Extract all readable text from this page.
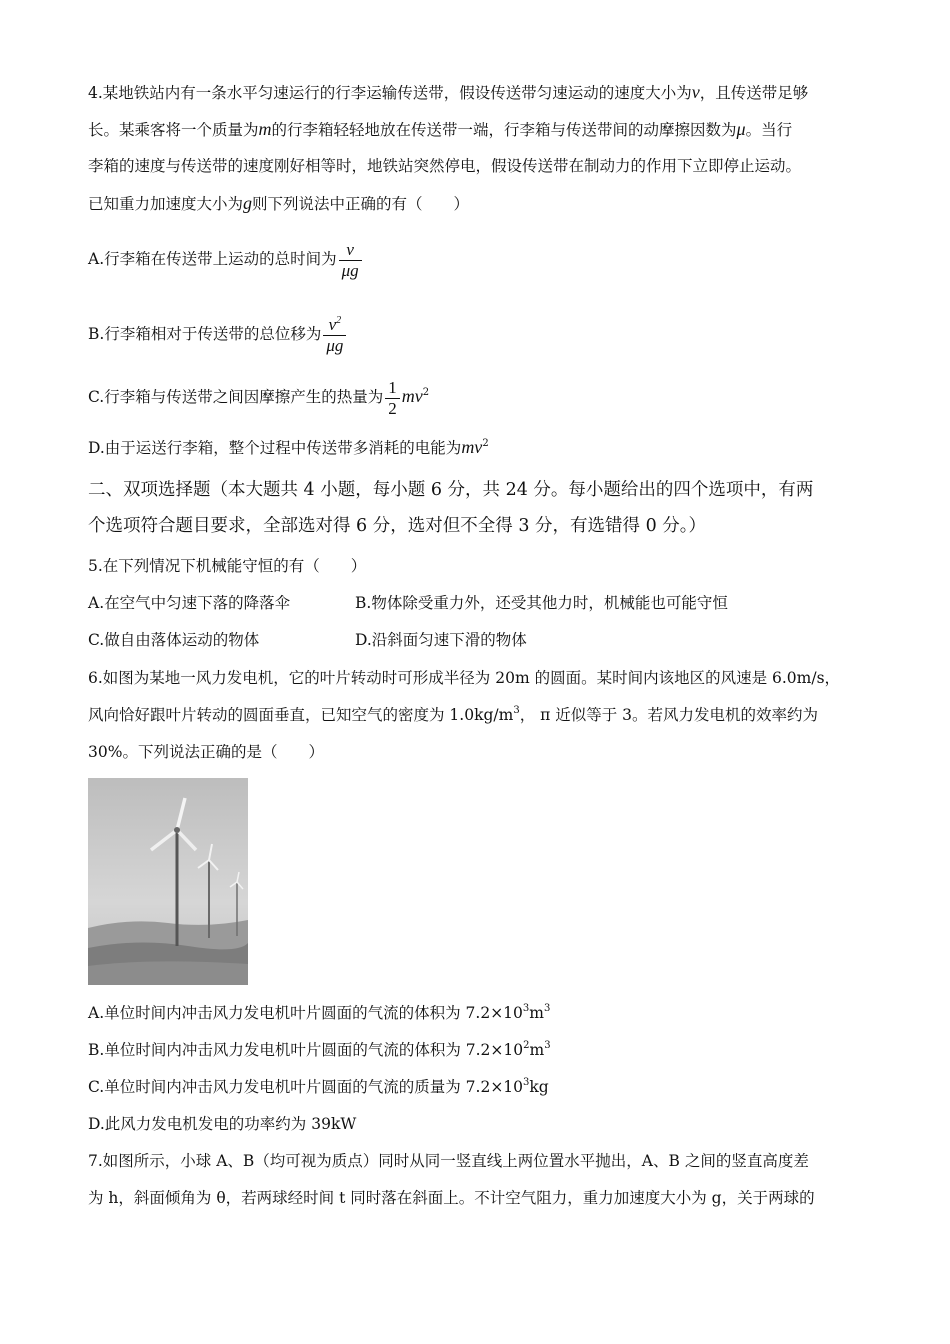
4.某地铁站内有一条水平匀速运行的行李运输传送带，假设传送带匀速运动的速度大小为v，且传送带足够
长。某乘客将一个质量为m的行李箱轻轻地放在传送带一端，行李箱与传送带间的动摩擦因数为μ。当行
李箱的速度与传送带的速度刚好相等时，地铁站突然停电，假设传送带在制动力的作用下立即停止运动。
已知重力加速度大小为g则下列说法中正确的有（　　）
A.行李箱在传送带上运动的总时间为 $\frac{v}{\mu g}$
B.行李箱相对于传送带的总位移为 $\frac{v^2}{\mu g}$
C.行李箱与传送带之间因摩擦产生的热量为 $\frac{1}{2} mv^2$
D.由于运送行李箱，整个过程中传送带多消耗的电能为$mv^2$
二、双项选择题（本大题共 4 小题，每小题 6 分，共 24 分。每小题给出的四个选项中，有两
个选项符合题目要求，全部选对得 6 分，选对但不全得 3 分，有选错得 0 分。）
5.在下列情况下机械能守恒的有（　　）
A.在空气中匀速下落的降落伞	B.物体除受重力外，还受其他力时，机械能也可能守恒
C.做自由落体运动的物体	D.沿斜面匀速下滑的物体
6.如图为某地一风力发电机，它的叶片转动时可形成半径为 20m 的圆面。某时间内该地区的风速是 6.0m/s，
风向恰好跟叶片转动的圆面垂直，已知空气的密度为 $1.0kg/m^3$， π 近似等于 3。若风力发电机的效率约为
30%。下列说法正确的是（　　）
A.单位时间内冲击风力发电机叶片圆面的气流的体积为 $7.2\times 10^3m^3$
B.单位时间内冲击风力发电机叶片圆面的气流的体积为 $7.2\times 10^2m^3$
C.单位时间内冲击风力发电机叶片圆面的气流的质量为 $7.2\times 10^3kg$
D.此风力发电机发电的功率约为 39kW
7.如图所示，小球 A、B（均可视为质点）同时从同一竖直线上两位置水平抛出，A、B 之间的竖直高度差
为 h，斜面倾角为 θ，若两球经时间 t 同时落在斜面上。不计空气阻力，重力加速度大小为 g，关于两球的
